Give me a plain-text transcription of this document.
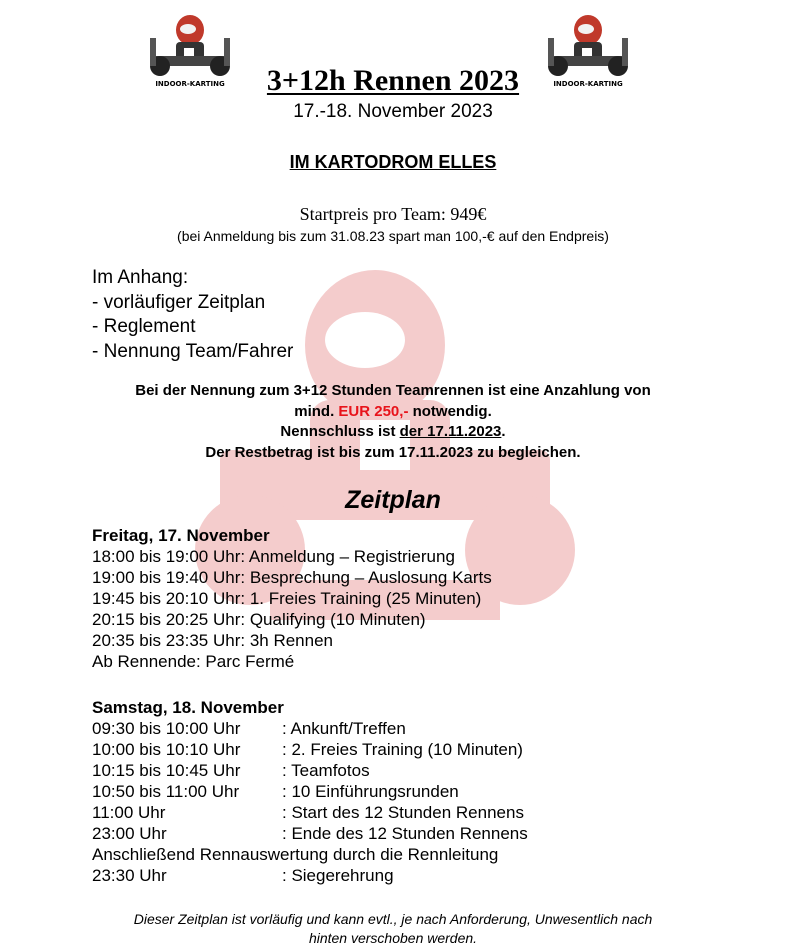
INDOOR-KARTING	INDOOR-KARTING
3+12h Rennen 2023
17.-18. November 2023
IM KARTODROM ELLES
Startpreis pro Team: 949€
(bei Anmeldung bis zum 31.08.23 spart man 100,-€ auf den Endpreis)
Im Anhang:
- vorläufiger Zeitplan
- Reglement
- Nennung Team/Fahrer
Bei der Nennung zum 3+12 Stunden Teamrennen ist eine Anzahlung von
mind. EUR 250,- notwendig.
Nennschluss ist der 17.11.2023.
Der Restbetrag ist bis zum 17.11.2023 zu begleichen.
Zeitplan
Freitag, 17. November
18:00 bis 19:00 Uhr: Anmeldung – Registrierung
19:00 bis 19:40 Uhr: Besprechung – Auslosung Karts
19:45 bis 20:10 Uhr: 1. Freies Training (25 Minuten)
20:15 bis 20:25 Uhr: Qualifying (10 Minuten)
20:35 bis 23:35 Uhr: 3h Rennen
Ab Rennende: Parc Fermé
Samstag, 18. November
09:30 bis 10:00 Uhr	: Ankunft/Treffen
10:00 bis 10:10 Uhr	: 2. Freies Training (10 Minuten)
10:15 bis 10:45 Uhr	: Teamfotos
10:50 bis 11:00 Uhr	: 10 Einführungsrunden
11:00 Uhr	: Start des 12 Stunden Rennens
23:00 Uhr	: Ende des 12 Stunden Rennens
Anschließend Rennauswertung durch die Rennleitung
23:30 Uhr	: Siegerehrung
Dieser Zeitplan ist vorläufig und kann evtl., je nach Anforderung, Unwesentlich nach
hinten verschoben werden.
